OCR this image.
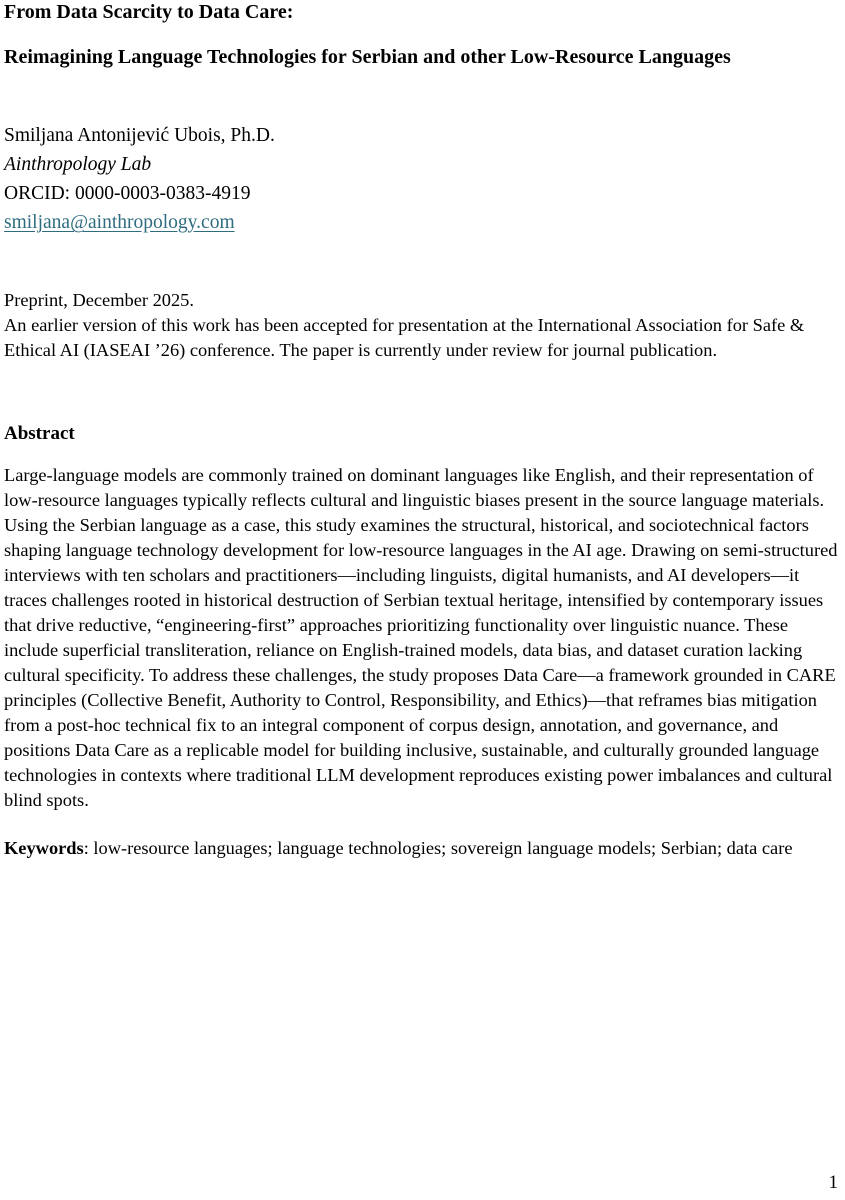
From Data Scarcity to Data Care:

Reimagining Language Technologies for Serbian and other Low-Resource Languages

Smiljana Antonijević Ubois, Ph.D.

Ainthropology Lab

ORCID: 0000-0003-0383-4919

smiljana@ainthropology.com

Preprint, December 2025.

An earlier version of this work has been accepted for presentation at the International Association for Safe & Ethical AI (IASEAI ’26) conference. The paper is currently under review for journal publication.

Abstract

Large-language models are commonly trained on dominant languages like English, and their representation of low-resource languages typically reflects cultural and linguistic biases present in the source language materials. Using the Serbian language as a case, this study examines the structural, historical, and sociotechnical factors shaping language technology development for low-resource languages in the AI age. Drawing on semi-structured interviews with ten scholars and practitioners—including linguists, digital humanists, and AI developers—it traces challenges rooted in historical destruction of Serbian textual heritage, intensified by contemporary issues that drive reductive, “engineering-first” approaches prioritizing functionality over linguistic nuance. These include superficial transliteration, reliance on English-trained models, data bias, and dataset curation lacking cultural specificity. To address these challenges, the study proposes Data Care—a framework grounded in CARE principles (Collective Benefit, Authority to Control, Responsibility, and Ethics)—that reframes bias mitigation from a post-hoc technical fix to an integral component of corpus design, annotation, and governance, and positions Data Care as a replicable model for building inclusive, sustainable, and culturally grounded language technologies in contexts where traditional LLM development reproduces existing power imbalances and cultural blind spots.

Keywords: low-resource languages; language technologies; sovereign language models; Serbian; data care

1
